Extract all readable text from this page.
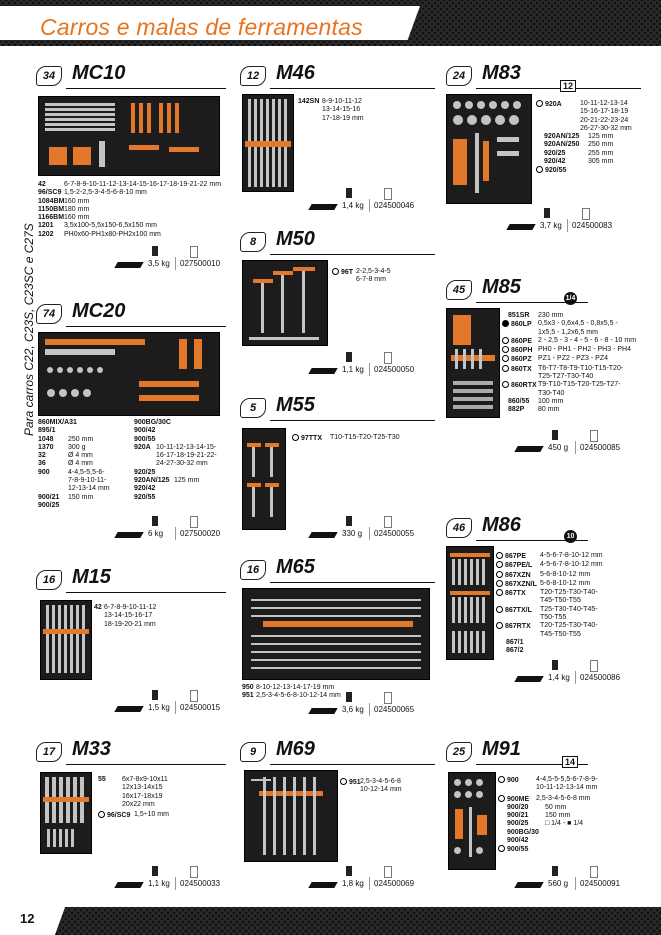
Carros e malas de ferramentas
Para carros C22, C23S, C23SC e C27S
34 MC10
42	6-7-8-9-10-11-12-13-14-15-16-17-18-19-21-22 mm
96/SC9 1,5-2-2,5-3-4-5-6-8-10 mm
1084BM 160 mm
1150BM 180 mm
1166BM 160 mm
1201	3,5x100-5,5x150-6,5x150 mm
1202	PH0x60-PH1x80-PH2x100 mm
3,5 kg 027500010
74 MC20
860MIX/A31
895/1
1048	250 mm
1370	300 g
32	Ø 4 mm
36	Ø 4 mm
900	4-4,5-5,5-6-
7-8-9-10-11-
12-13-14 mm
900/21	150 mm
900/25
900BG/30C
900/42
900/55
920A 10-11-12-13-14-15-
16-17-18-19-21-22-
24-27-30-32 mm
920/25
920AN/125 125 mm
920/42
920/55
6 kg 027500020
16 M15
42 6-7-8-9-10-11-12
13-14-15-16-17
18-19-20-21 mm
1,5 kg 024500015
17 M33
55	6x7-8x9-10x11
12x13-14x15
16x17-18x19
20x22 mm
96/SC9 1,5÷10 mm
1,1 kg 024500033
12 M46
142SN 8-9-10-11-12
13-14-15-16
17-18-19 mm
1,4 kg 024500046
8 M50
96T 2-2,5-3-4-5
6-7-8 mm
1,1 kg 024500050
5 M55
97TTX	T10-T15-T20-T25-T30
330 g 024500055
16 M65
950 8-10-12-13-14-17-19 mm
951 2,5-3-4-5-6-8-10-12-14 mm
3,6 kg 024500065
9 M69
951 2,5-3-4-5-6-8
10-12-14 mm
1,8 kg 024500069
24 M83
12
920A	10-11-12-13-14
15-16-17-18-19
20-21-22-23-24
26-27-30-32 mm
920AN/125	125 mm
920AN/250	250 mm
920/25	255 mm
920/42	305 mm
920/55
3,7 kg 024500083
45 M85
1/4
851SR	230 mm
860LP 0,5x3 - 0,6x4,5 - 0,8x5,5 -
1x5,5 - 1,2x6,5 mm
860PE 2 - 2,5 - 3 - 4 - 5 - 6 - 8 - 10 mm
860PH PH0 - PH1 - PH2 - PH3 - PH4
860PZ PZ1 - PZ2 - PZ3 - PZ4
860TX T6-T7-T8-T9-T10-T15-T20-
T25-T27-T30-T40
860RTX T9-T10-T15-T20-T25-T27-
T30-T40
860/55	100 mm
882P	80 mm
450 g 024500085
46 M86
10
867PE	4-5-6-7-8-10-12 mm
867PE/L	4-5-6-7-8-10-12 mm
867XZN	5-6-8-10-12 mm
867XZN/L 5-6-8-10-12 mm
867TX	T20-T25-T30-T40-
T45-T50-T55
867TX/L	T25-T30-T40-T45-
T50-T55
867RTX	T20-T25-T30-T40-
T45-T50-T55
867/1
867/2
1,4 kg 024500086
25 M91
14
900	4-4,5-5-5,5-6-7-8-9-
10-11-12-13-14 mm
900ME 2,5-3-4-5-6-8 mm
900/20	50 mm
900/21	150 mm
900/25	□ 1/4 - ■ 1/4
900BG/30
900/42
900/55
560 g 024500091
12
